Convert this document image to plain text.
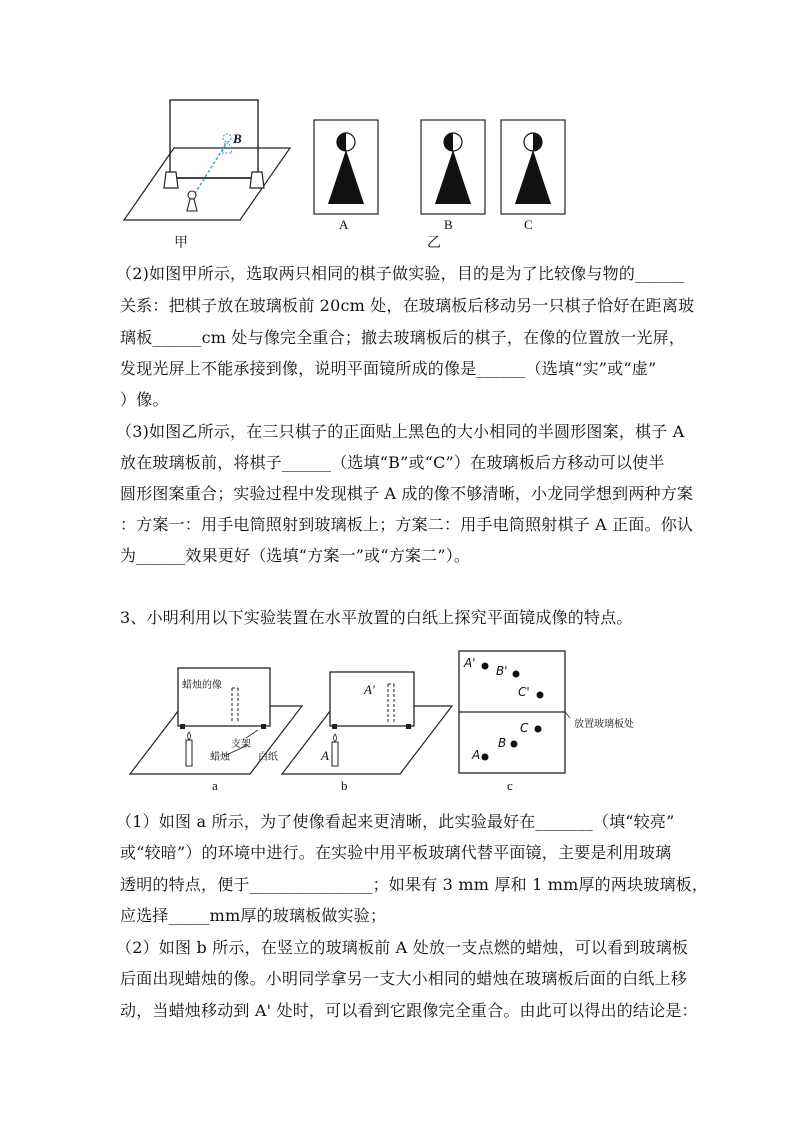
B
甲
A	B	C
乙
（2)如图甲所示，选取两只相同的棋子做实验，目的是为了比较像与物的______
关系：把棋子放在玻璃板前 20cm 处，在玻璃板后移动另一只棋子恰好在距离玻
璃板______cm 处与像完全重合；撤去玻璃板后的棋子，在像的位置放一光屏，
发现光屏上不能承接到像，说明平面镜所成的像是______（选填“实”或“虚”
）像。
（3)如图乙所示，在三只棋子的正面贴上黑色的大小相同的半圆形图案，棋子 A
放在玻璃板前，将棋子______（选填“B”或“C”）在玻璃板后方移动可以使半
圆形图案重合；实验过程中发现棋子 A 成的像不够清晰，小龙同学想到两种方案
：方案一：用手电筒照射到玻璃板上；方案二：用手电筒照射棋子 A 正面。你认
为______效果更好（选填“方案一”或“方案二”）。
3、小明利用以下实验装置在水平放置的白纸上探究平面镜成像的特点。
蜡烛的像
支架
蜡烛	白纸
a
A
A'
b
A'
B'
C'
A
B
C	放置玻璃板处
c
（1）如图 a 所示，为了使像看起来更清晰，此实验最好在_______（填“较亮”
或“较暗”）的环境中进行。在实验中用平板玻璃代替平面镜，主要是利用玻璃
透明的特点，便于_______________；如果有 3 mm 厚和 1 mm厚的两块玻璃板，
应选择_____mm厚的玻璃板做实验；
（2）如图 b 所示，在竖立的玻璃板前 A 处放一支点燃的蜡烛，可以看到玻璃板
后面出现蜡烛的像。小明同学拿另一支大小相同的蜡烛在玻璃板后面的白纸上移
动，当蜡烛移动到 A' 处时，可以看到它跟像完全重合。由此可以得出的结论是：
